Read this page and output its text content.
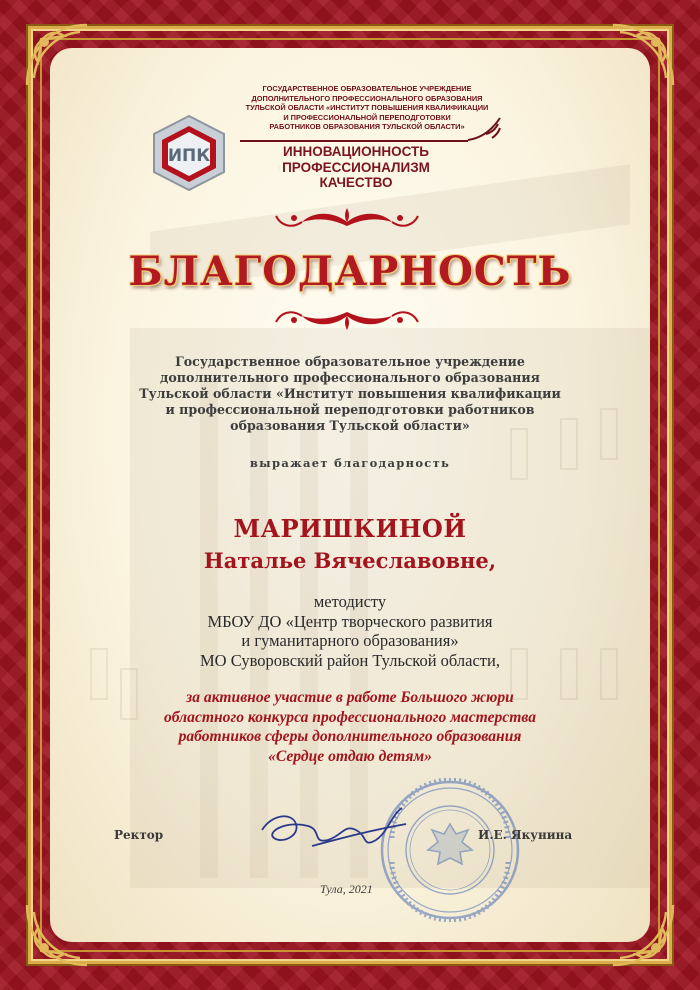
ИПК
ГОСУДАРСТВЕННОЕ ОБРАЗОВАТЕЛЬНОЕ УЧРЕЖДЕНИЕ
ДОПОЛНИТЕЛЬНОГО ПРОФЕССИОНАЛЬНОГО ОБРАЗОВАНИЯ
ТУЛЬСКОЙ ОБЛАСТИ «ИНСТИТУТ ПОВЫШЕНИЯ КВАЛИФИКАЦИИ
И ПРОФЕССИОНАЛЬНОЙ ПЕРЕПОДГОТОВКИ
РАБОТНИКОВ ОБРАЗОВАНИЯ ТУЛЬСКОЙ ОБЛАСТИ»
ИННОВАЦИОННОСТЬ
ПРОФЕССИОНАЛИЗМ
КАЧЕСТВО
БЛАГОДАРНОСТЬ
Государственное образовательное учреждение
дополнительного профессионального образования
Тульской области «Институт повышения квалификации
и профессиональной переподготовки работников
образования Тульской области»
выражает благодарность
МАРИШКИНОЙ
Наталье Вячеславовне,
методисту
МБОУ ДО «Центр творческого развития
и гуманитарного образования»
МО Суворовский район Тульской области,
за активное участие в работе Большого жюри
областного конкурса профессионального мастерства
работников сферы дополнительного образования
«Сердце отдаю детям»
Ректор	И.Е. Якунина
Тула, 2021
